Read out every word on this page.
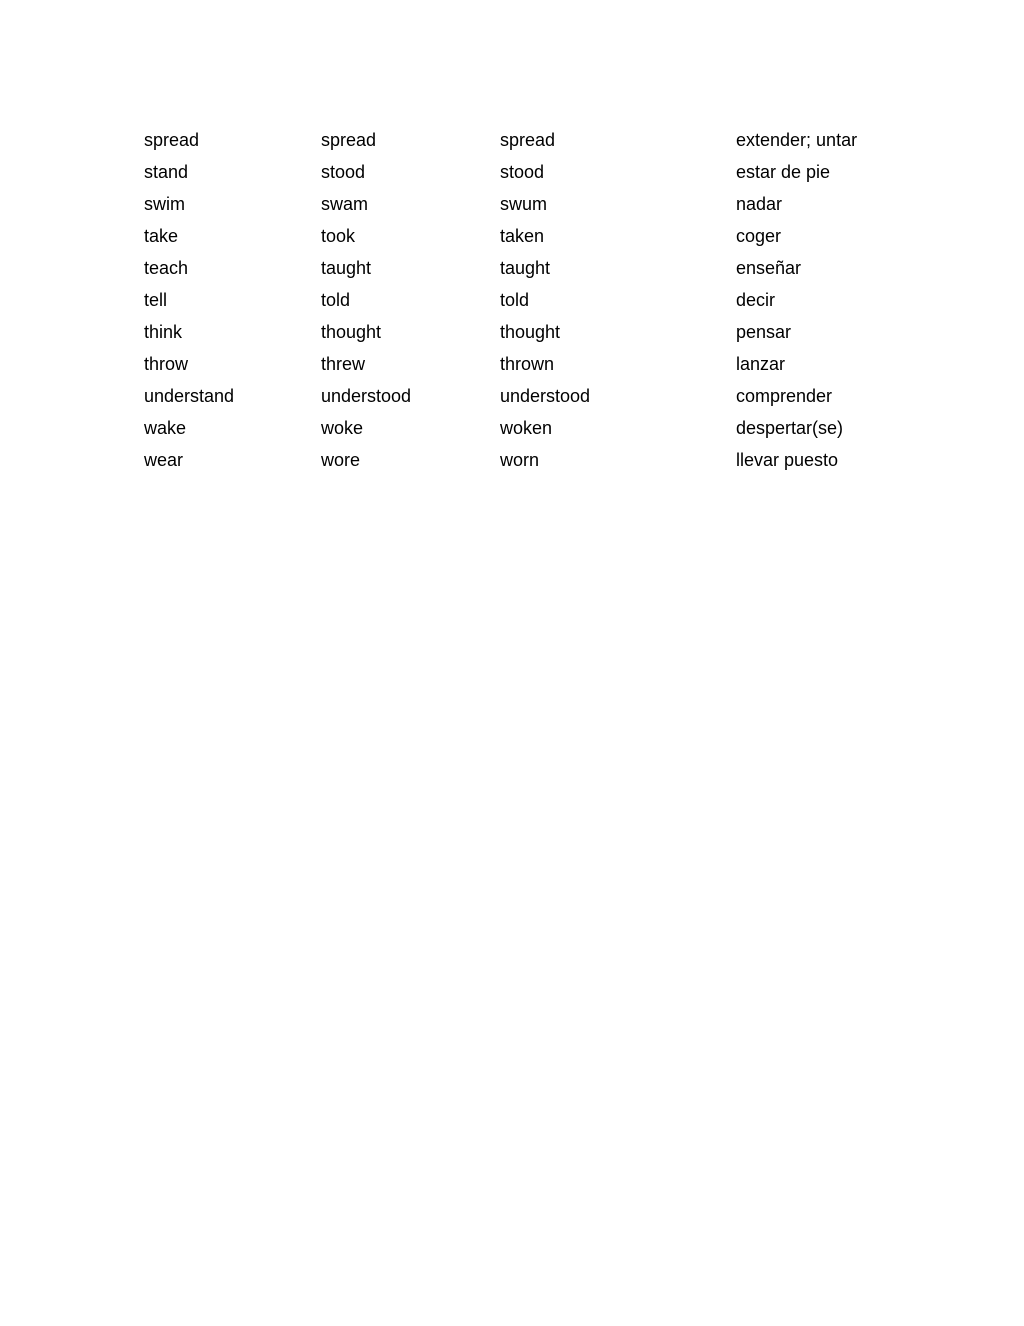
spread	spread	spread	extender; untar
stand	stood	stood	estar de pie
swim	swam	swum	nadar
take	took	taken	coger
teach	taught	taught	enseñar
tell	told	told	decir
think	thought	thought	pensar
throw	threw	thrown	lanzar
understand	understood	understood	comprender
wake	woke	woken	despertar(se)
wear	wore	worn	llevar puesto
